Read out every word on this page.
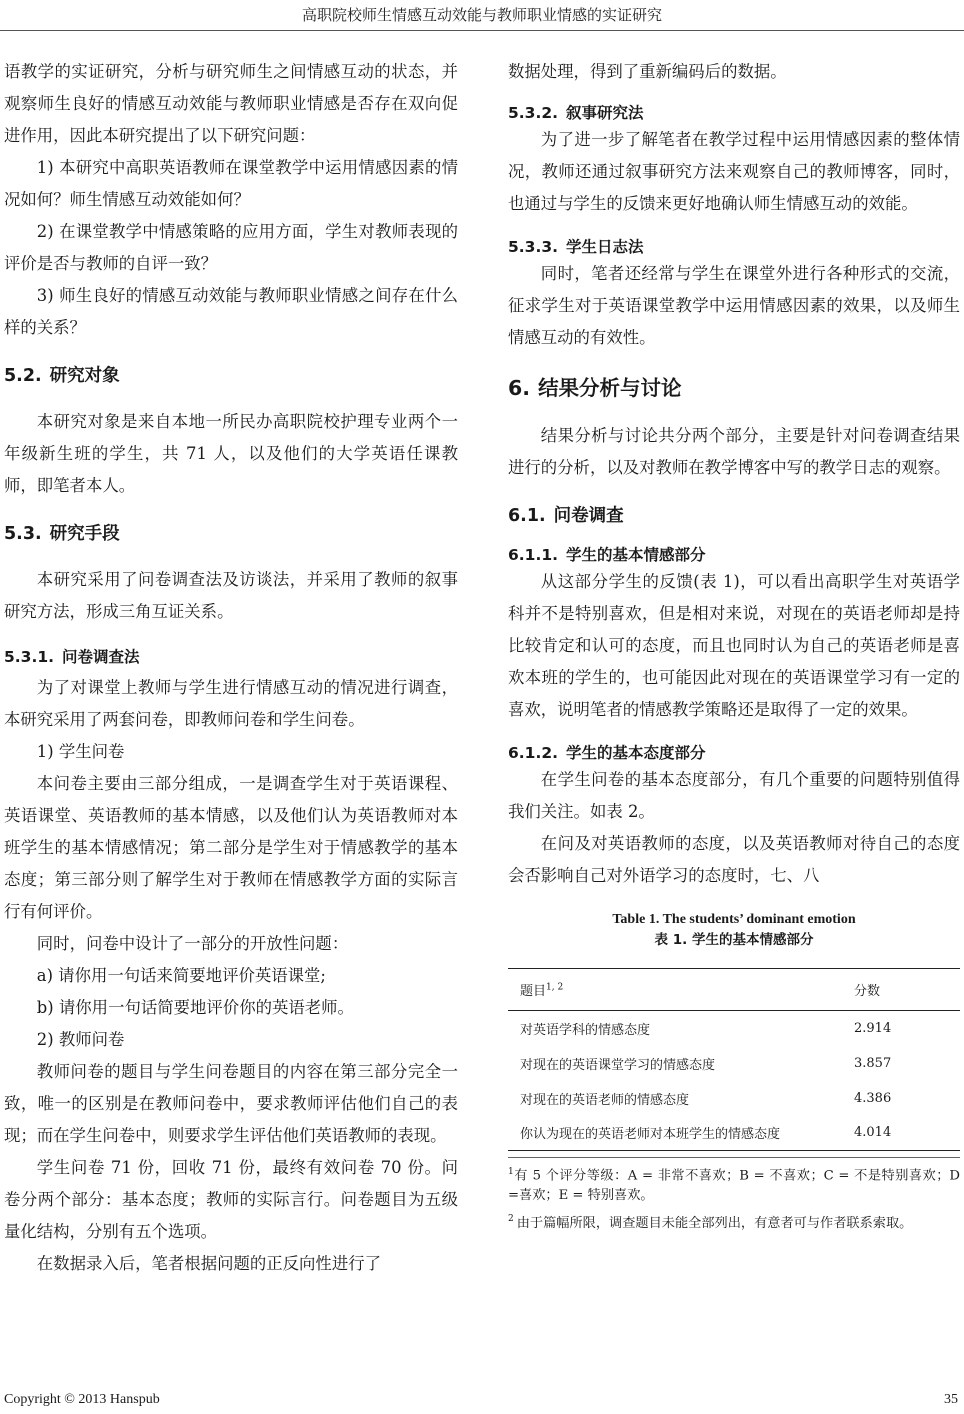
高职院校师生情感互动效能与教师职业情感的实证研究

语教学的实证研究，分析与研究师生之间情感互动的状态，并观察师生良好的情感互动效能与教师职业情感是否存在双向促进作用，因此本研究提出了以下研究问题：

1) 本研究中高职英语教师在课堂教学中运用情感因素的情况如何？师生情感互动效能如何？

2) 在课堂教学中情感策略的应用方面，学生对教师表现的评价是否与教师的自评一致？

3) 师生良好的情感互动效能与教师职业情感之间存在什么样的关系？

5.2. 研究对象

本研究对象是来自本地一所民办高职院校护理专业两个一年级新生班的学生，共 71 人，以及他们的大学英语任课教师，即笔者本人。

5.3. 研究手段

本研究采用了问卷调查法及访谈法，并采用了教师的叙事研究方法，形成三角互证关系。

5.3.1. 问卷调查法

为了对课堂上教师与学生进行情感互动的情况进行调查，本研究采用了两套问卷，即教师问卷和学生问卷。

1) 学生问卷

本问卷主要由三部分组成，一是调查学生对于英语课程、英语课堂、英语教师的基本情感，以及他们认为英语教师对本班学生的基本情感情况；第二部分是学生对于情感教学的基本态度；第三部分则了解学生对于教师在情感教学方面的实际言行有何评价。

同时，问卷中设计了一部分的开放性问题：

a) 请你用一句话来简要地评价英语课堂;

b) 请你用一句话简要地评价你的英语老师。

2) 教师问卷

教师问卷的题目与学生问卷题目的内容在第三部分完全一致，唯一的区别是在教师问卷中，要求教师评估他们自己的表现；而在学生问卷中，则要求学生评估他们英语教师的表现。

学生问卷 71 份，回收 71 份，最终有效问卷 70 份。问卷分两个部分：基本态度；教师的实际言行。问卷题目为五级量化结构，分别有五个选项。

在数据录入后，笔者根据问题的正反向性进行了

数据处理，得到了重新编码后的数据。

5.3.2. 叙事研究法

为了进一步了解笔者在教学过程中运用情感因素的整体情况，教师还通过叙事研究方法来观察自己的教师博客，同时，也通过与学生的反馈来更好地确认师生情感互动的效能。

5.3.3. 学生日志法

同时，笔者还经常与学生在课堂外进行各种形式的交流，征求学生对于英语课堂教学中运用情感因素的效果，以及师生情感互动的有效性。

6. 结果分析与讨论

结果分析与讨论共分两个部分，主要是针对问卷调查结果进行的分析，以及对教师在教学博客中写的教学日志的观察。

6.1. 问卷调查
6.1.1. 学生的基本情感部分

从这部分学生的反馈(表 1)，可以看出高职学生对英语学科并不是特别喜欢，但是相对来说，对现在的英语老师却是持比较肯定和认可的态度，而且也同时认为自己的英语老师是喜欢本班的学生的，也可能因此对现在的英语课堂学习有一定的喜欢，说明笔者的情感教学策略还是取得了一定的效果。

6.1.2. 学生的基本态度部分

在学生问卷的基本态度部分，有几个重要的问题特别值得我们关注。如表 2。

在问及对英语教师的态度，以及英语教师对待自己的态度会否影响自己对外语学习的态度时，七、八

Table 1. The students’ dominant emotion
表 1. 学生的基本情感部分
题目$^{1, 2}$	分数
对英语学科的情感态度	2.914
对现在的英语课堂学习的情感态度	3.857
对现在的英语老师的情感态度	4.386
你认为现在的英语老师对本班学生的情感态度	4.014

$^1$有 5 个评分等级：A = 非常不喜欢；B = 不喜欢；C = 不是特别喜欢；D =喜欢；E = 特别喜欢。

$^2$ 由于篇幅所限，调查题目未能全部列出，有意者可与作者联系索取。

Copyright © 2013 Hanspub	35
